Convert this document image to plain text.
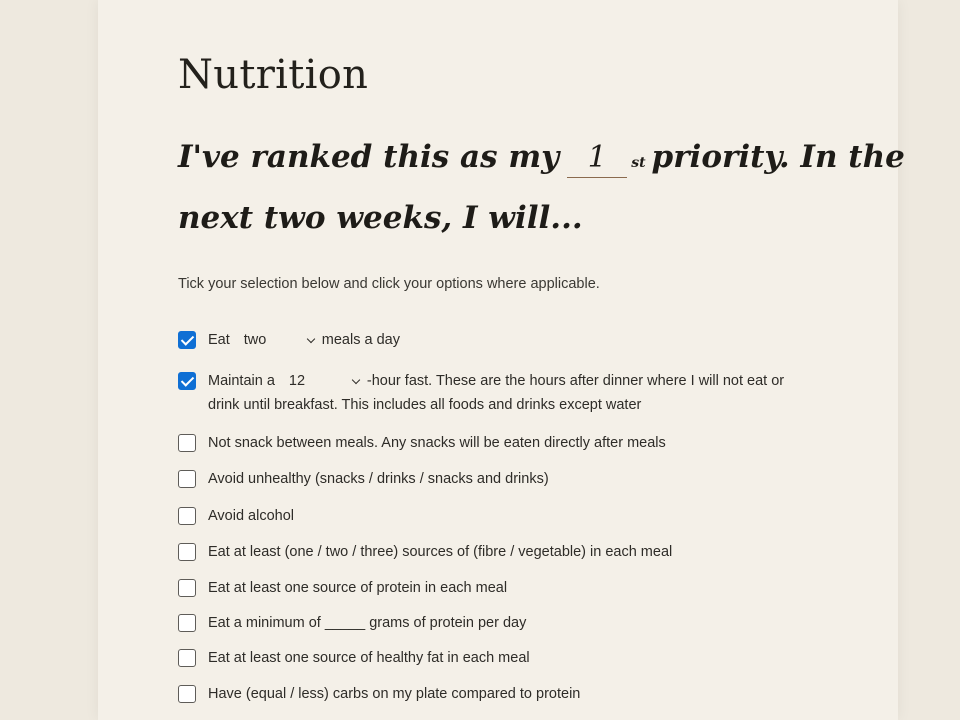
Nutrition
I've ranked this as my1	st priority. In the
next two weeks, I will...

Tick your selection below and click your options where applicable.

Eat two	meals a day
Maintain a 12	-hour fast. These are the hours after dinner where I will not eat or
drink until breakfast. This includes all foods and drinks except water
Not snack between meals. Any snacks will be eaten directly after meals
Avoid unhealthy (snacks / drinks / snacks and drinks)
Avoid alcohol
Eat at least (one / two / three) sources of (fibre / vegetable) in each meal
Eat at least one source of protein in each meal
Eat a minimum of _____ grams of protein per day
Eat at least one source of healthy fat in each meal
Have (equal / less) carbs on my plate compared to protein
